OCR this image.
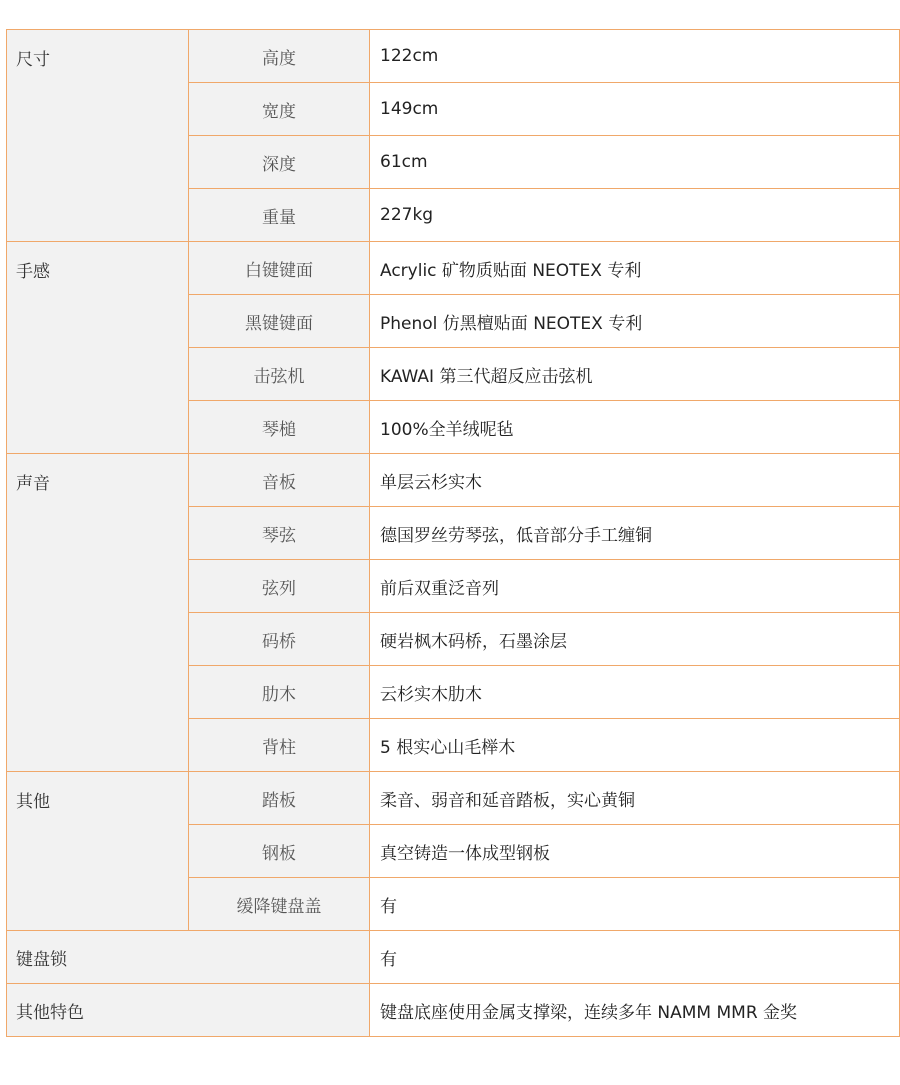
尺寸	高度	122cm
	宽度	149cm
	深度	61cm
	重量	227kg
手感	白键键面	Acrylic 矿物质贴面 NEOTEX 专利
	黑键键面	Phenol 仿黑檀贴面 NEOTEX 专利
	击弦机	KAWAI 第三代超反应击弦机
	琴槌	100%全羊绒呢毡
声音	音板	单层云杉实木
	琴弦	德国罗丝劳琴弦，低音部分手工缠铜
	弦列	前后双重泛音列
	码桥	硬岩枫木码桥，石墨涂层
	肋木	云杉实木肋木
	背柱	5 根实心山毛榉木
其他	踏板	柔音、弱音和延音踏板，实心黄铜
	钢板	真空铸造一体成型钢板
	缓降键盘盖	有
键盘锁		有
其他特色		键盘底座使用金属支撑梁，连续多年 NAMM MMR 金奖
